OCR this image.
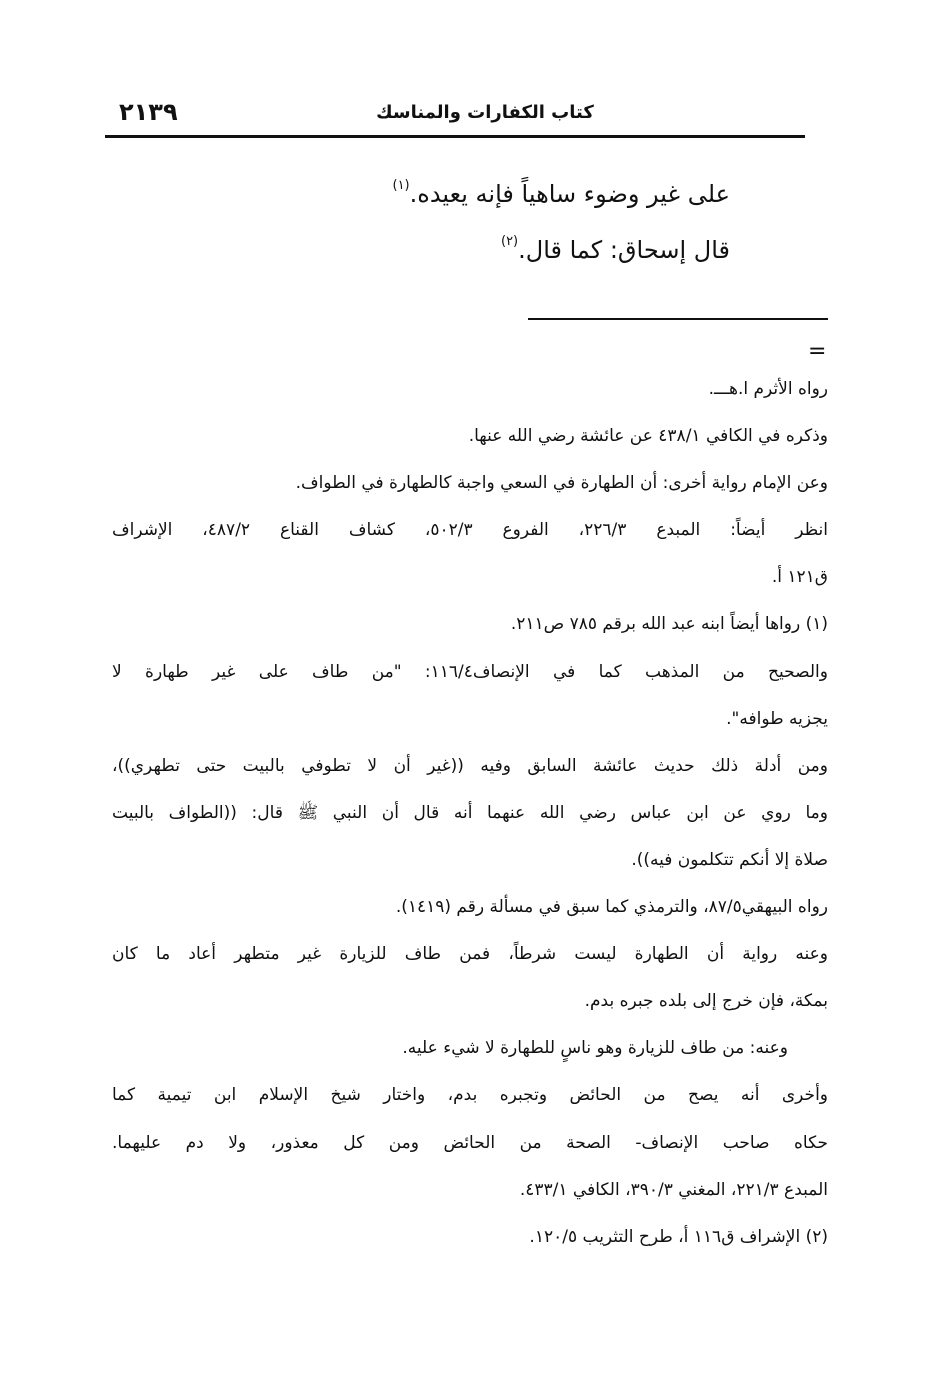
كتاب الكفارات والمناسك
٢١٣٩
على غير وضوء ساهياً فإنه يعيده.$^{(١)}$
قال إسحاق: كما قال.$^{(٢)}$
=
رواه الأثرم ا.هـــ.
وذكره في الكافي ٤٣٨/١ عن عائشة رضي الله عنها.
وعن الإمام رواية أخرى: أن الطهارة في السعي واجبة كالطهارة في الطواف.
انظر أيضاً: المبدع ٢٢٦/٣، الفروع ٥٠٢/٣، كشاف القناع ٤٨٧/٢، الإشراف
ق١٢١ أ.
(١) رواها أيضاً ابنه عبد الله برقم ٧٨٥ ص٢١١.
والصحيح من المذهب كما في الإنصاف١١٦/٤: "من طاف على غير طهارة لا
يجزيه طوافه".
ومن أدلة ذلك حديث عائشة السابق وفيه ((غير أن لا تطوفي بالبيت حتى تطهري))،
وما روي عن ابن عباس رضي الله عنهما أنه قال أن النبي ﷺ قال: ((الطواف بالبيت
صلاة إلا أنكم تتكلمون فيه)).
رواه البيهقي٨٧/٥، والترمذي كما سبق في مسألة رقم (١٤١٩).
وعنه رواية أن الطهارة ليست شرطاً، فمن طاف للزيارة غير متطهر أعاد ما كان
بمكة، فإن خرج إلى بلده جبره بدم.
وعنه: من طاف للزيارة وهو ناسٍ للطهارة لا شيء عليه.
وأخرى أنه يصح من الحائض وتجبره بدم، واختار شيخ الإسلام ابن تيمية كما
حكاه صاحب الإنصاف- الصحة من الحائض ومن كل معذور، ولا دم عليهما.
المبدع ٢٢١/٣، المغني ٣٩٠/٣، الكافي ٤٣٣/١.
(٢) الإشراف ق١١٦ أ، طرح التثريب ١٢٠/٥.
